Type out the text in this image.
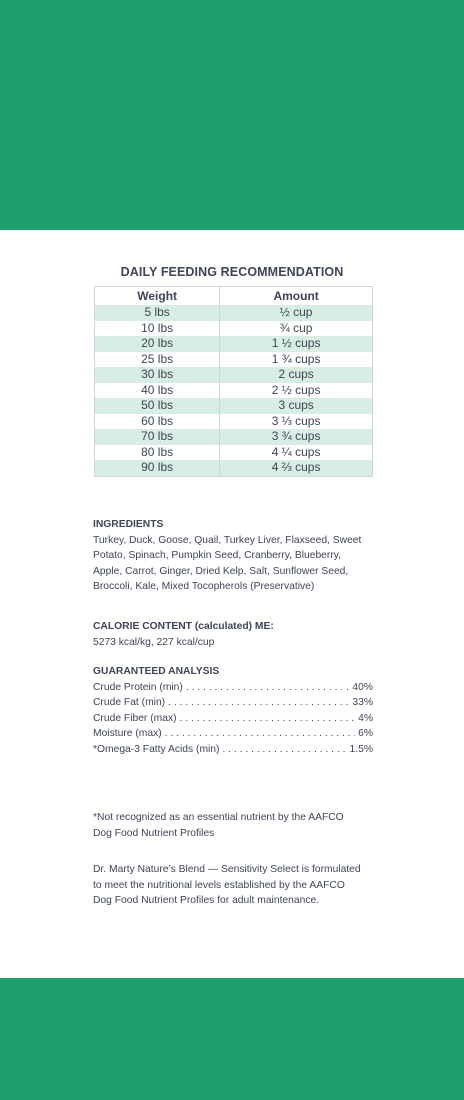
DAILY FEEDING RECOMMENDATION
Weight	Amount
5 lbs	½ cup
10 lbs	¾ cup
20 lbs	1 ½ cups
25 lbs	1 ¾ cups
30 lbs	2 cups
40 lbs	2 ½ cups
50 lbs	3 cups
60 lbs	3 ⅓ cups
70 lbs	3 ¾ cups
80 lbs	4 ¼ cups
90 lbs	4 ⅔ cups
INGREDIENTS

Turkey, Duck, Goose, Quail, Turkey Liver, Flaxseed, Sweet

Potato, Spinach, Pumpkin Seed, Cranberry, Blueberry,

Apple, Carrot, Ginger, Dried Kelp, Salt, Sunflower Seed,

Broccoli, Kale, Mixed Tocopherols (Preservative)

CALORIE CONTENT (calculated) ME:

5273 kcal/kg, 227 kcal/cup

GUARANTEED ANALYSIS
Crude Protein (min) . . .	40%
Crude Fat (min) . . .	33%
Crude Fiber (max) . . .	4%
Moisture (max) . . .	6%
*Omega-3 Fatty Acids (min) . . .	1.5%

*Not recognized as an essential nutrient by the AAFCO

Dog Food Nutrient Profiles

Dr. Marty Nature’s Blend — Sensitivity Select is formulated

to meet the nutritional levels established by the AAFCO

Dog Food Nutrient Profiles for adult maintenance.
